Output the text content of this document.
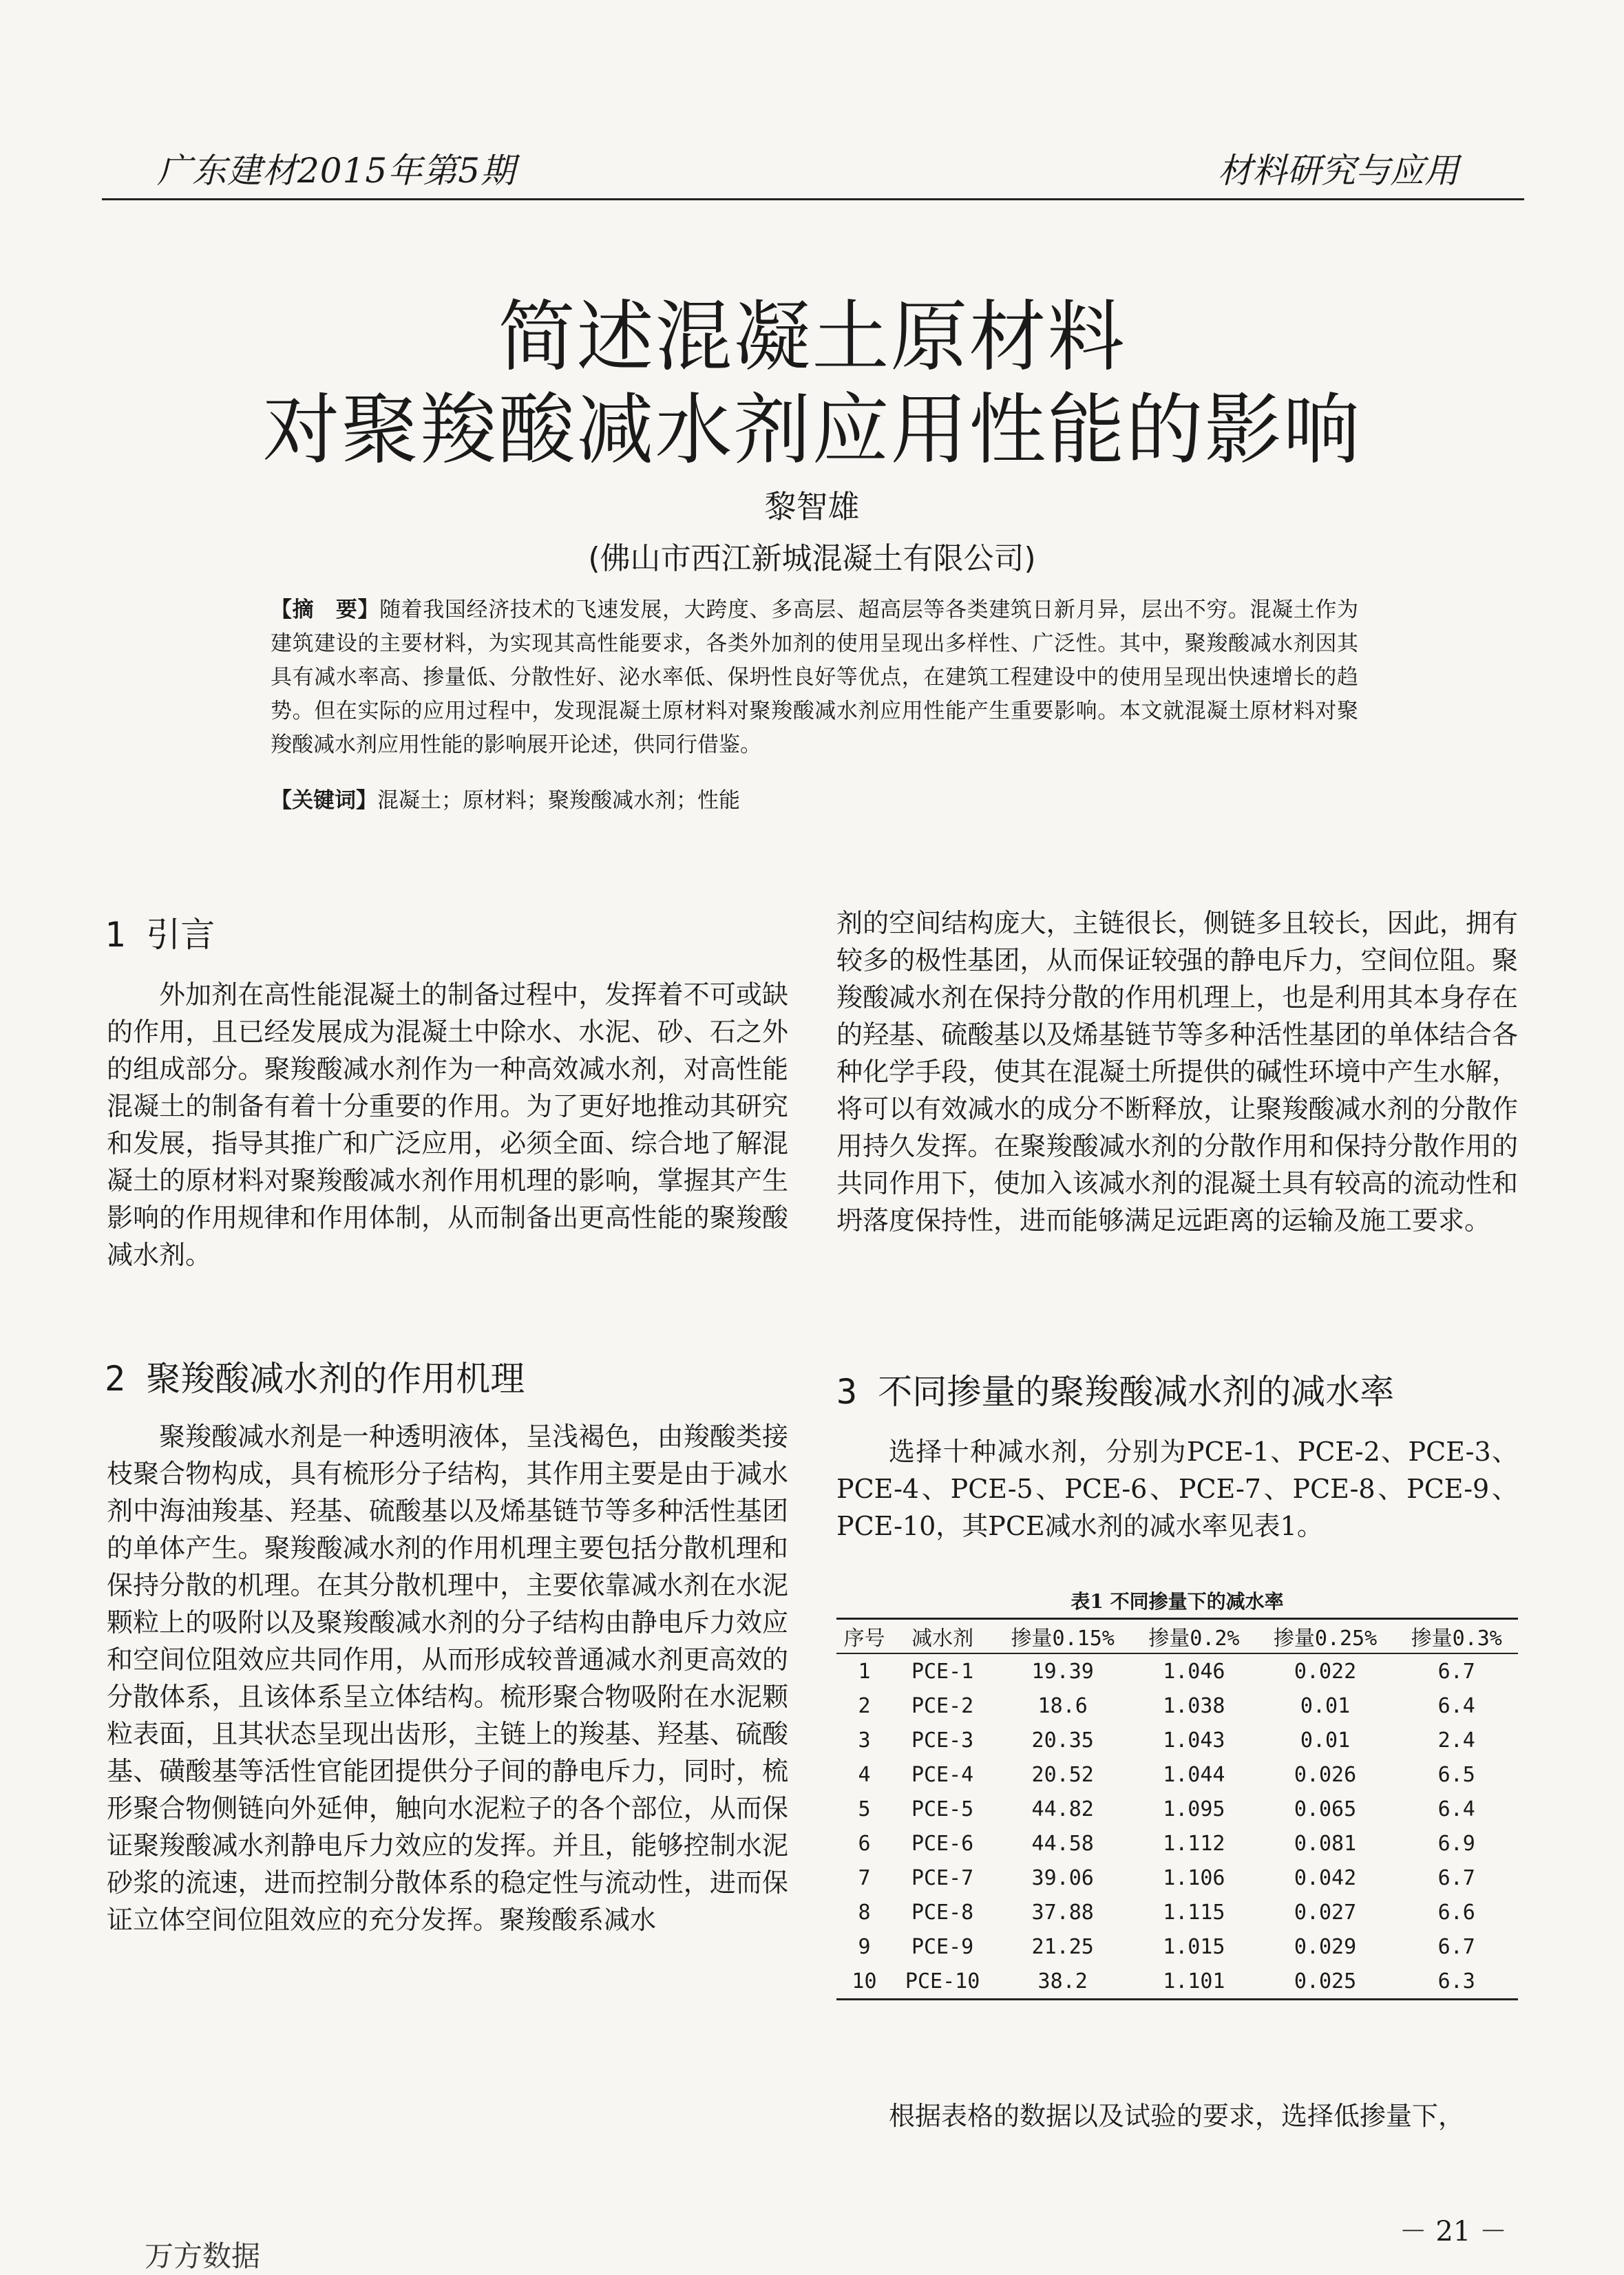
广东建材2015年第5期	材料研究与应用
简述混凝土原材料
对聚羧酸减水剂应用性能的影响
黎智雄
(佛山市西江新城混凝土有限公司)
【摘　要】随着我国经济技术的飞速发展，大跨度、多高层、超高层等各类建筑日新月异，层出不穷。混凝土作为建筑建设的主要材料，为实现其高性能要求，各类外加剂的使用呈现出多样性、广泛性。其中，聚羧酸减水剂因其具有减水率高、掺量低、分散性好、泌水率低、保坍性良好等优点，在建筑工程建设中的使用呈现出快速增长的趋势。但在实际的应用过程中，发现混凝土原材料对聚羧酸减水剂应用性能产生重要影响。本文就混凝土原材料对聚羧酸减水剂应用性能的影响展开论述，供同行借鉴。
【关键词】混凝土；原材料；聚羧酸减水剂；性能
1 引言

外加剂在高性能混凝土的制备过程中，发挥着不可或缺的作用，且已经发展成为混凝土中除水、水泥、砂、石之外的组成部分。聚羧酸减水剂作为一种高效减水剂，对高性能混凝土的制备有着十分重要的作用。为了更好地推动其研究和发展，指导其推广和广泛应用，必须全面、综合地了解混凝土的原材料对聚羧酸减水剂作用机理的影响，掌握其产生影响的作用规律和作用体制，从而制备出更高性能的聚羧酸减水剂。

2 聚羧酸减水剂的作用机理

聚羧酸减水剂是一种透明液体，呈浅褐色，由羧酸类接枝聚合物构成，具有梳形分子结构，其作用主要是由于减水剂中海油羧基、羟基、硫酸基以及烯基链节等多种活性基团的单体产生。聚羧酸减水剂的作用机理主要包括分散机理和保持分散的机理。在其分散机理中，主要依靠减水剂在水泥颗粒上的吸附以及聚羧酸减水剂的分子结构由静电斥力效应和空间位阻效应共同作用，从而形成较普通减水剂更高效的分散体系，且该体系呈立体结构。梳形聚合物吸附在水泥颗粒表面，且其状态呈现出齿形，主链上的羧基、羟基、硫酸基、磺酸基等活性官能团提供分子间的静电斥力，同时，梳形聚合物侧链向外延伸，触向水泥粒子的各个部位，从而保证聚羧酸减水剂静电斥力效应的发挥。并且，能够控制水泥砂浆的流速，进而控制分散体系的稳定性与流动性，进而保证立体空间位阻效应的充分发挥。聚羧酸系减水

剂的空间结构庞大，主链很长，侧链多且较长，因此，拥有较多的极性基团，从而保证较强的静电斥力，空间位阻。聚羧酸减水剂在保持分散的作用机理上，也是利用其本身存在的羟基、硫酸基以及烯基链节等多种活性基团的单体结合各种化学手段，使其在混凝土所提供的碱性环境中产生水解，将可以有效减水的成分不断释放，让聚羧酸减水剂的分散作用持久发挥。在聚羧酸减水剂的分散作用和保持分散作用的共同作用下，使加入该减水剂的混凝土具有较高的流动性和坍落度保持性，进而能够满足远距离的运输及施工要求。

3 不同掺量的聚羧酸减水剂的减水率

选择十种减水剂，分别为PCE-1、PCE-2、PCE-3、PCE-4、PCE-5、PCE-6、PCE-7、PCE-8、PCE-9、PCE-10，其PCE减水剂的减水率见表1。

表1 不同掺量下的减水率
序号	减水剂	掺量0.15%	掺量0.2%	掺量0.25%	掺量0.3%
1	PCE-1	19.39	1.046	0.022	6.7
2	PCE-2	18.6	1.038	0.01	6.4
3	PCE-3	20.35	1.043	0.01	2.4
4	PCE-4	20.52	1.044	0.026	6.5
5	PCE-5	44.82	1.095	0.065	6.4
6	PCE-6	44.58	1.112	0.081	6.9
7	PCE-7	39.06	1.106	0.042	6.7
8	PCE-8	37.88	1.115	0.027	6.6
9	PCE-9	21.25	1.015	0.029	6.7
10	PCE-10	38.2	1.101	0.025	6.3

根据表格的数据以及试验的要求，选择低掺量下，

－ 21 －
万方数据
